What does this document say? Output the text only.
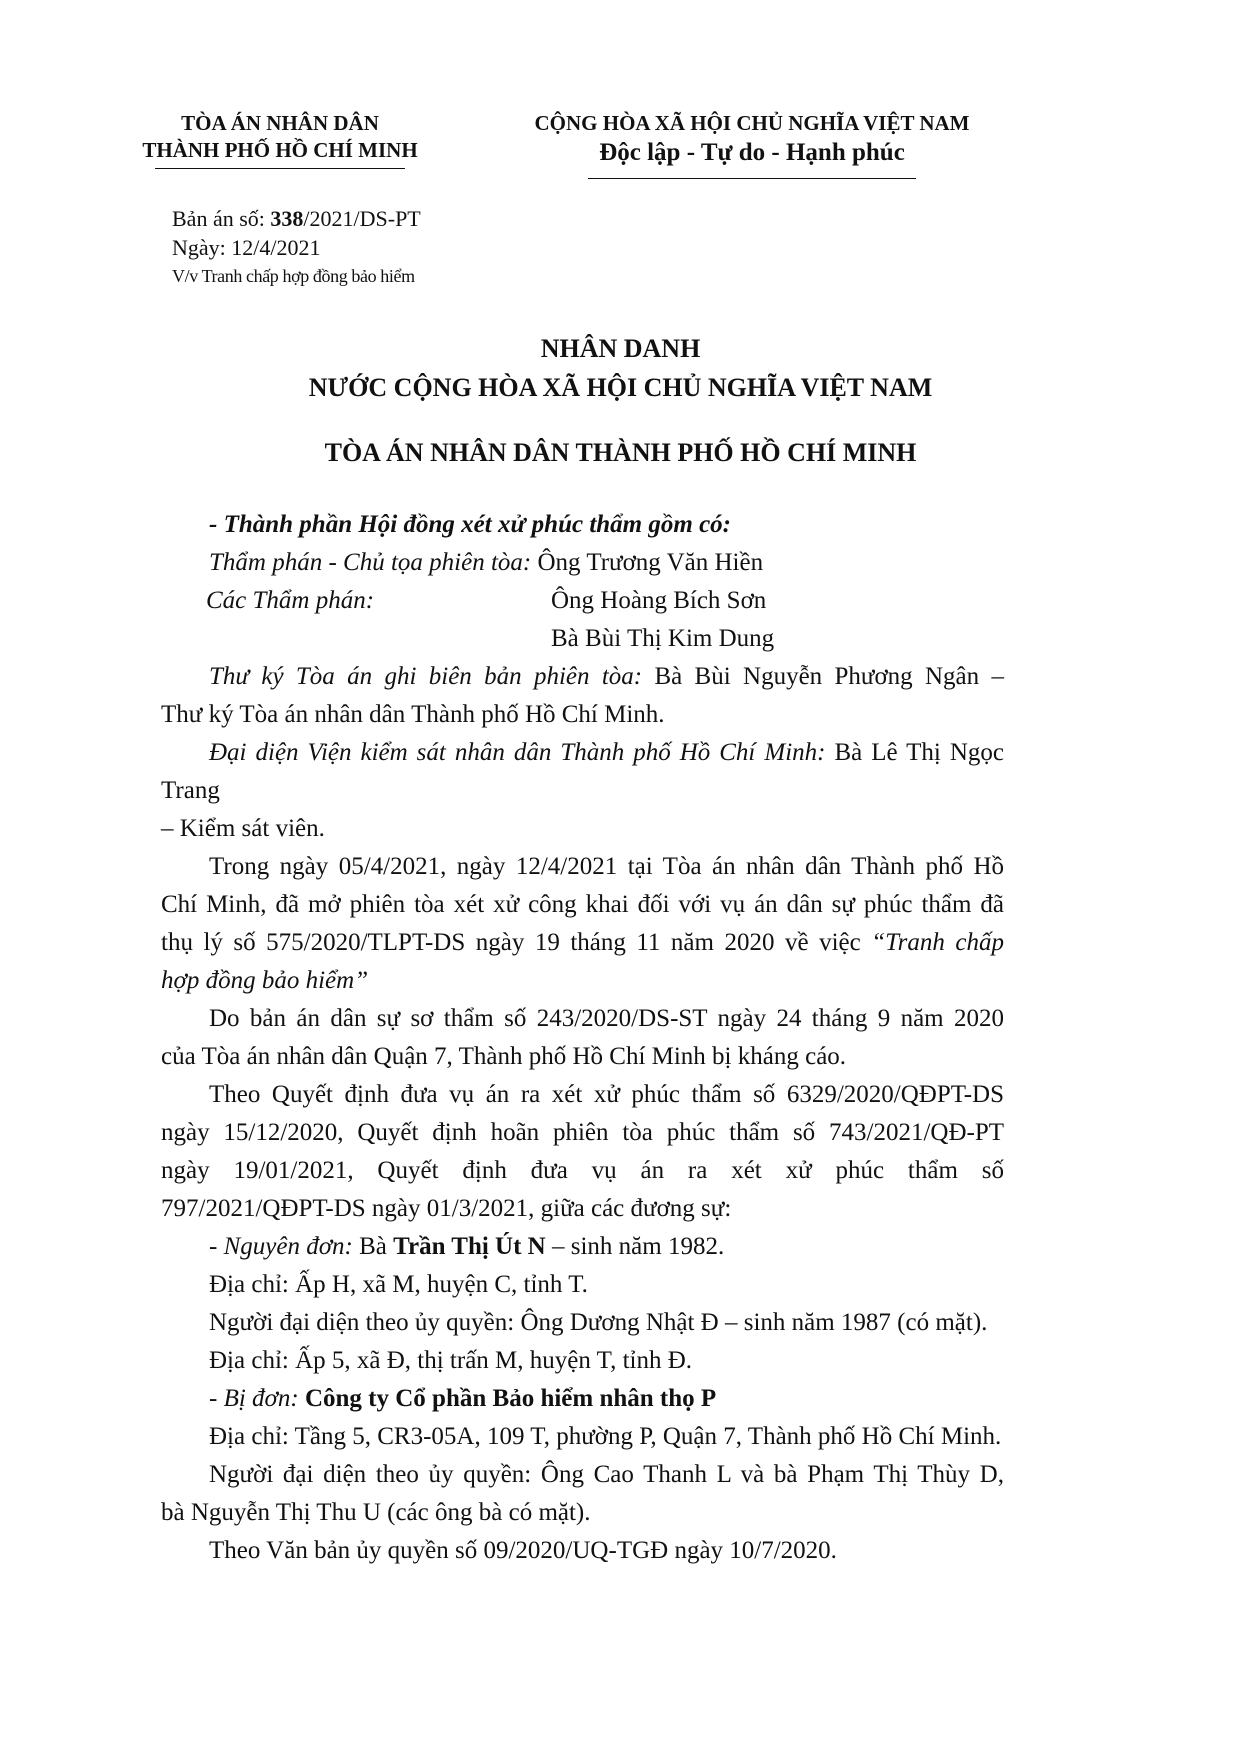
TÒA ÁN NHÂN DÂN
THÀNH PHỐ HỒ CHÍ MINH
CỘNG HÒA XÃ HỘI CHỦ NGHĨA VIỆT NAM
Độc lập - Tự do - Hạnh phúc
Bản án số: 338/2021/DS-PT
Ngày: 12/4/2021
V/v Tranh chấp hợp đồng bảo hiểm
NHÂN DANH
NƯỚC CỘNG HÒA XÃ HỘI CHỦ NGHĨA VIỆT NAM
TÒA ÁN NHÂN DÂN THÀNH PHỐ HỒ CHÍ MINH

- Thành phần Hội đồng xét xử phúc thẩm gồm có:

Thẩm phán - Chủ tọa phiên tòa: Ông Trương Văn Hiền

Các Thẩm phán:	Ông Hoàng Bích Sơn
Bà Bùi Thị Kim Dung

Thư ký Tòa án ghi biên bản phiên tòa: Bà Bùi Nguyễn Phương Ngân –

Thư ký Tòa án nhân dân Thành phố Hồ Chí Minh.

Đại diện Viện kiểm sát nhân dân Thành phố Hồ Chí Minh: Bà Lê Thị Ngọc Trang

– Kiểm sát viên.

Trong ngày 05/4/2021, ngày 12/4/2021 tại Tòa án nhân dân Thành phố Hồ

Chí Minh, đã mở phiên tòa xét xử công khai đối với vụ án dân sự phúc thẩm đã

thụ lý số 575/2020/TLPT-DS ngày 19 tháng 11 năm 2020 về việc “Tranh chấp

hợp đồng bảo hiểm”

Do bản án dân sự sơ thẩm số 243/2020/DS-ST ngày 24 tháng 9 năm 2020

của Tòa án nhân dân Quận 7, Thành phố Hồ Chí Minh bị kháng cáo.

Theo Quyết định đưa vụ án ra xét xử phúc thẩm số 6329/2020/QĐPT-DS

ngày 15/12/2020, Quyết định hoãn phiên tòa phúc thẩm số 743/2021/QĐ-PT

ngày 19/01/2021, Quyết định đưa vụ án ra xét xử phúc thẩm số

797/2021/QĐPT-DS ngày 01/3/2021, giữa các đương sự:

- Nguyên đơn: Bà Trần Thị Út N – sinh năm 1982.

Địa chỉ: Ấp H, xã M, huyện C, tỉnh T.

Người đại diện theo ủy quyền: Ông Dương Nhật Đ – sinh năm 1987 (có mặt).

Địa chỉ: Ấp 5, xã Đ, thị trấn M, huyện T, tỉnh Đ.

- Bị đơn: Công ty Cổ phần Bảo hiểm nhân thọ P

Địa chỉ: Tầng 5, CR3-05A, 109 T, phường P, Quận 7, Thành phố Hồ Chí Minh.

Người đại diện theo ủy quyền: Ông Cao Thanh L và bà Phạm Thị Thùy D,

bà Nguyễn Thị Thu U (các ông bà có mặt).

Theo Văn bản ủy quyền số 09/2020/UQ-TGĐ ngày 10/7/2020.
